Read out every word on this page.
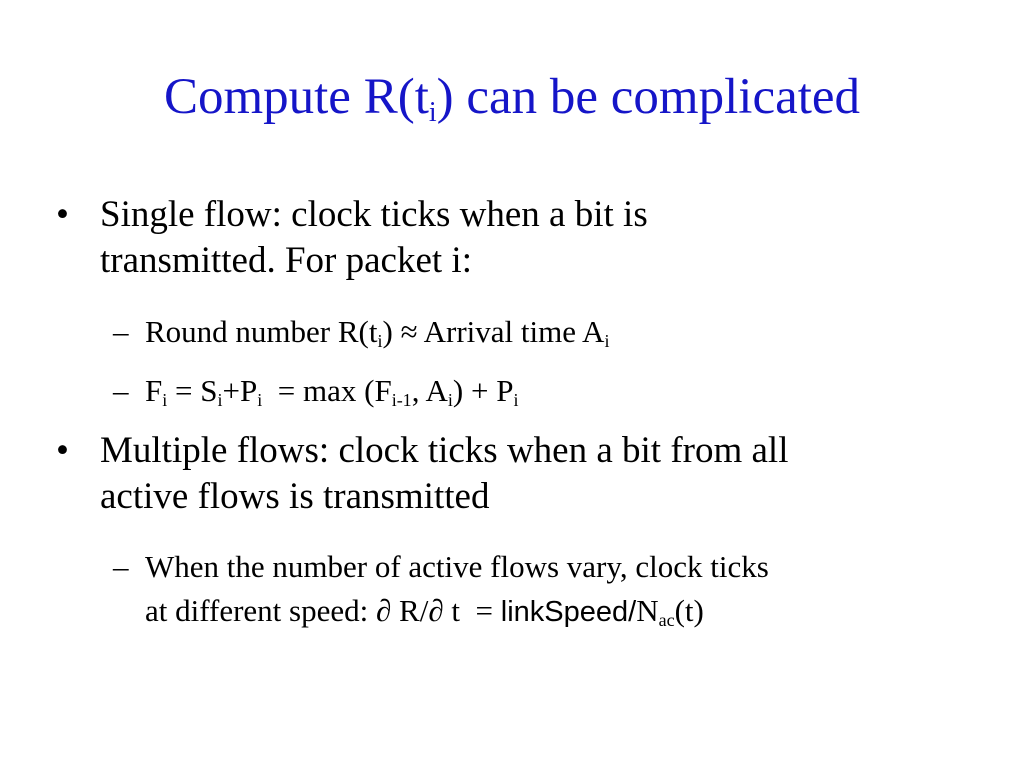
Compute $R(t_i)$ can be complicated
• Single flow: clock ticks when a bit is
transmitted. For packet i:
– Round number $R(t_i)$ ≈ Arrival time $A_i$
– $F_i = S_i+P_i = \max (F_{i-1}$, $A_i) + P_i$
• Multiple flows: clock ticks when a bit from all
active flows is transmitted
– When the number of active flows vary, clock ticks
at different speed: ∂ R/∂ t  = linkSpeed/$N_{ac}(t)$
